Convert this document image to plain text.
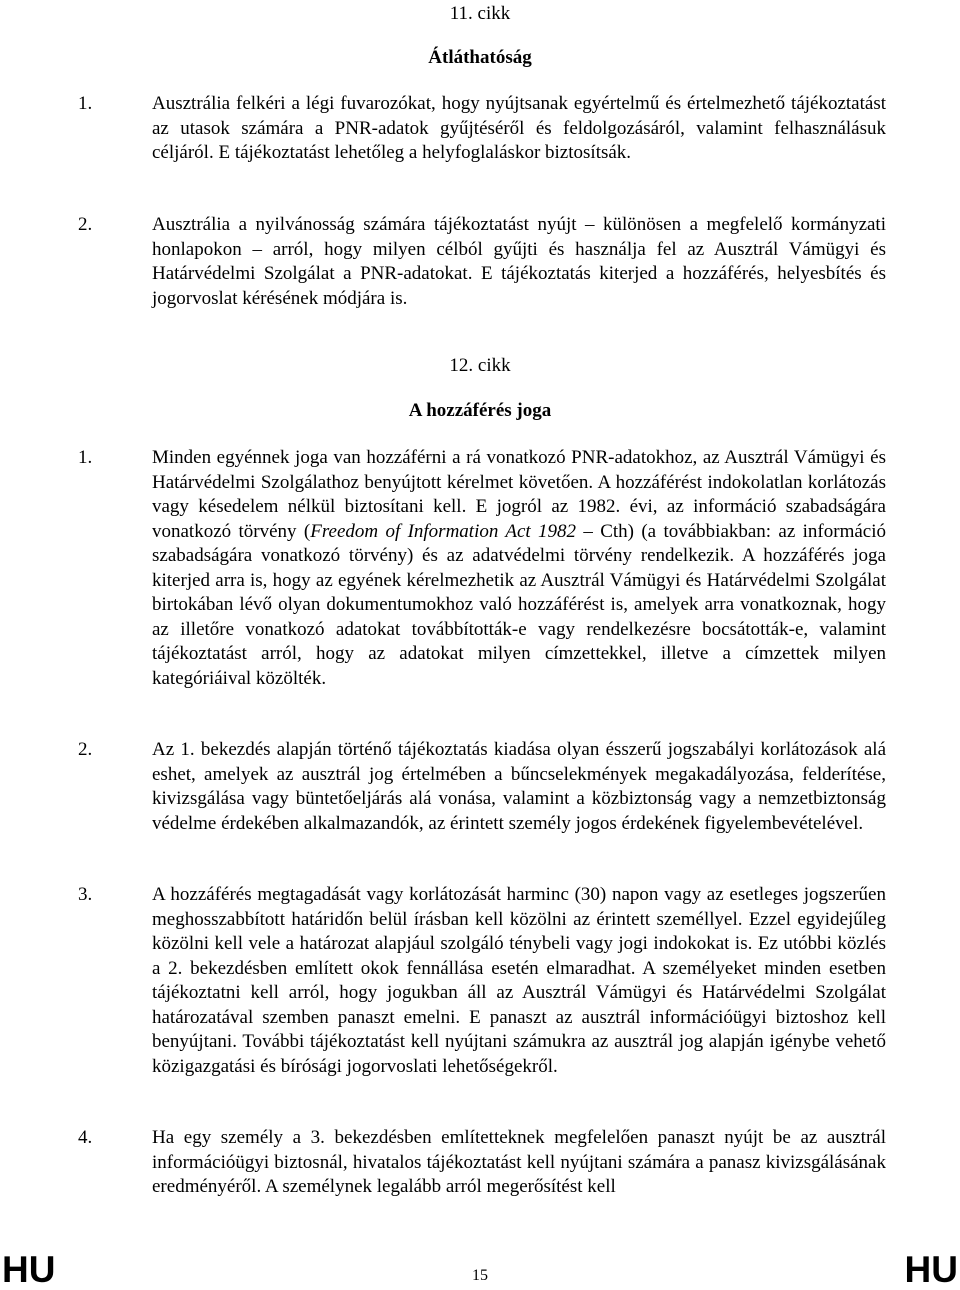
11. cikk
Átláthatóság
1.	Ausztrália felkéri a légi fuvarozókat, hogy nyújtsanak egyértelmű és értelmezhető tájékoztatást az utasok számára a PNR-adatok gyűjtéséről és feldolgozásáról, valamint felhasználásuk céljáról. E tájékoztatást lehetőleg a helyfoglaláskor biztosítsák.
2.	Ausztrália a nyilvánosság számára tájékoztatást nyújt – különösen a megfelelő kormányzati honlapokon – arról, hogy milyen célból gyűjti és használja fel az Ausztrál Vámügyi és Határvédelmi Szolgálat a PNR-adatokat. E tájékoztatás kiterjed a hozzáférés, helyesbítés és jogorvoslat kérésének módjára is.
12. cikk
A hozzáférés joga
1.	Minden egyénnek joga van hozzáférni a rá vonatkozó PNR-adatokhoz, az Ausztrál Vámügyi és Határvédelmi Szolgálathoz benyújtott kérelmet követően. A hozzáférést indokolatlan korlátozás vagy késedelem nélkül biztosítani kell. E jogról az 1982. évi, az információ szabadságára vonatkozó törvény (Freedom of Information Act 1982 – Cth) (a továbbiakban: az információ szabadságára vonatkozó törvény) és az adatvédelmi törvény rendelkezik. A hozzáférés joga kiterjed arra is, hogy az egyének kérelmezhetik az Ausztrál Vámügyi és Határvédelmi Szolgálat birtokában lévő olyan dokumentumokhoz való hozzáférést is, amelyek arra vonatkoznak, hogy az illetőre vonatkozó adatokat továbbították-e vagy rendelkezésre bocsátották-e, valamint tájékoztatást arról, hogy az adatokat milyen címzettekkel, illetve a címzettek milyen kategóriáival közölték.
2.	Az 1. bekezdés alapján történő tájékoztatás kiadása olyan ésszerű jogszabályi korlátozások alá eshet, amelyek az ausztrál jog értelmében a bűncselekmények megakadályozása, felderítése, kivizsgálása vagy büntetőeljárás alá vonása, valamint a közbiztonság vagy a nemzetbiztonság védelme érdekében alkalmazandók, az érintett személy jogos érdekének figyelembevételével.
3.	A hozzáférés megtagadását vagy korlátozását harminc (30) napon vagy az esetleges jogszerűen meghosszabbított határidőn belül írásban kell közölni az érintett személlyel. Ezzel egyidejűleg közölni kell vele a határozat alapjául szolgáló ténybeli vagy jogi indokokat is. Ez utóbbi közlés a 2. bekezdésben említett okok fennállása esetén elmaradhat. A személyeket minden esetben tájékoztatni kell arról, hogy jogukban áll az Ausztrál Vámügyi és Határvédelmi Szolgálat határozatával szemben panaszt emelni. E panaszt az ausztrál információügyi biztoshoz kell benyújtani. További tájékoztatást kell nyújtani számukra az ausztrál jog alapján igénybe vehető közigazgatási és bírósági jogorvoslati lehetőségekről.
4.	Ha egy személy a 3. bekezdésben említetteknek megfelelően panaszt nyújt be az ausztrál információügyi biztosnál, hivatalos tájékoztatást kell nyújtani számára a panasz kivizsgálásának eredményéről. A személynek legalább arról megerősítést kell
HU	15	HU
